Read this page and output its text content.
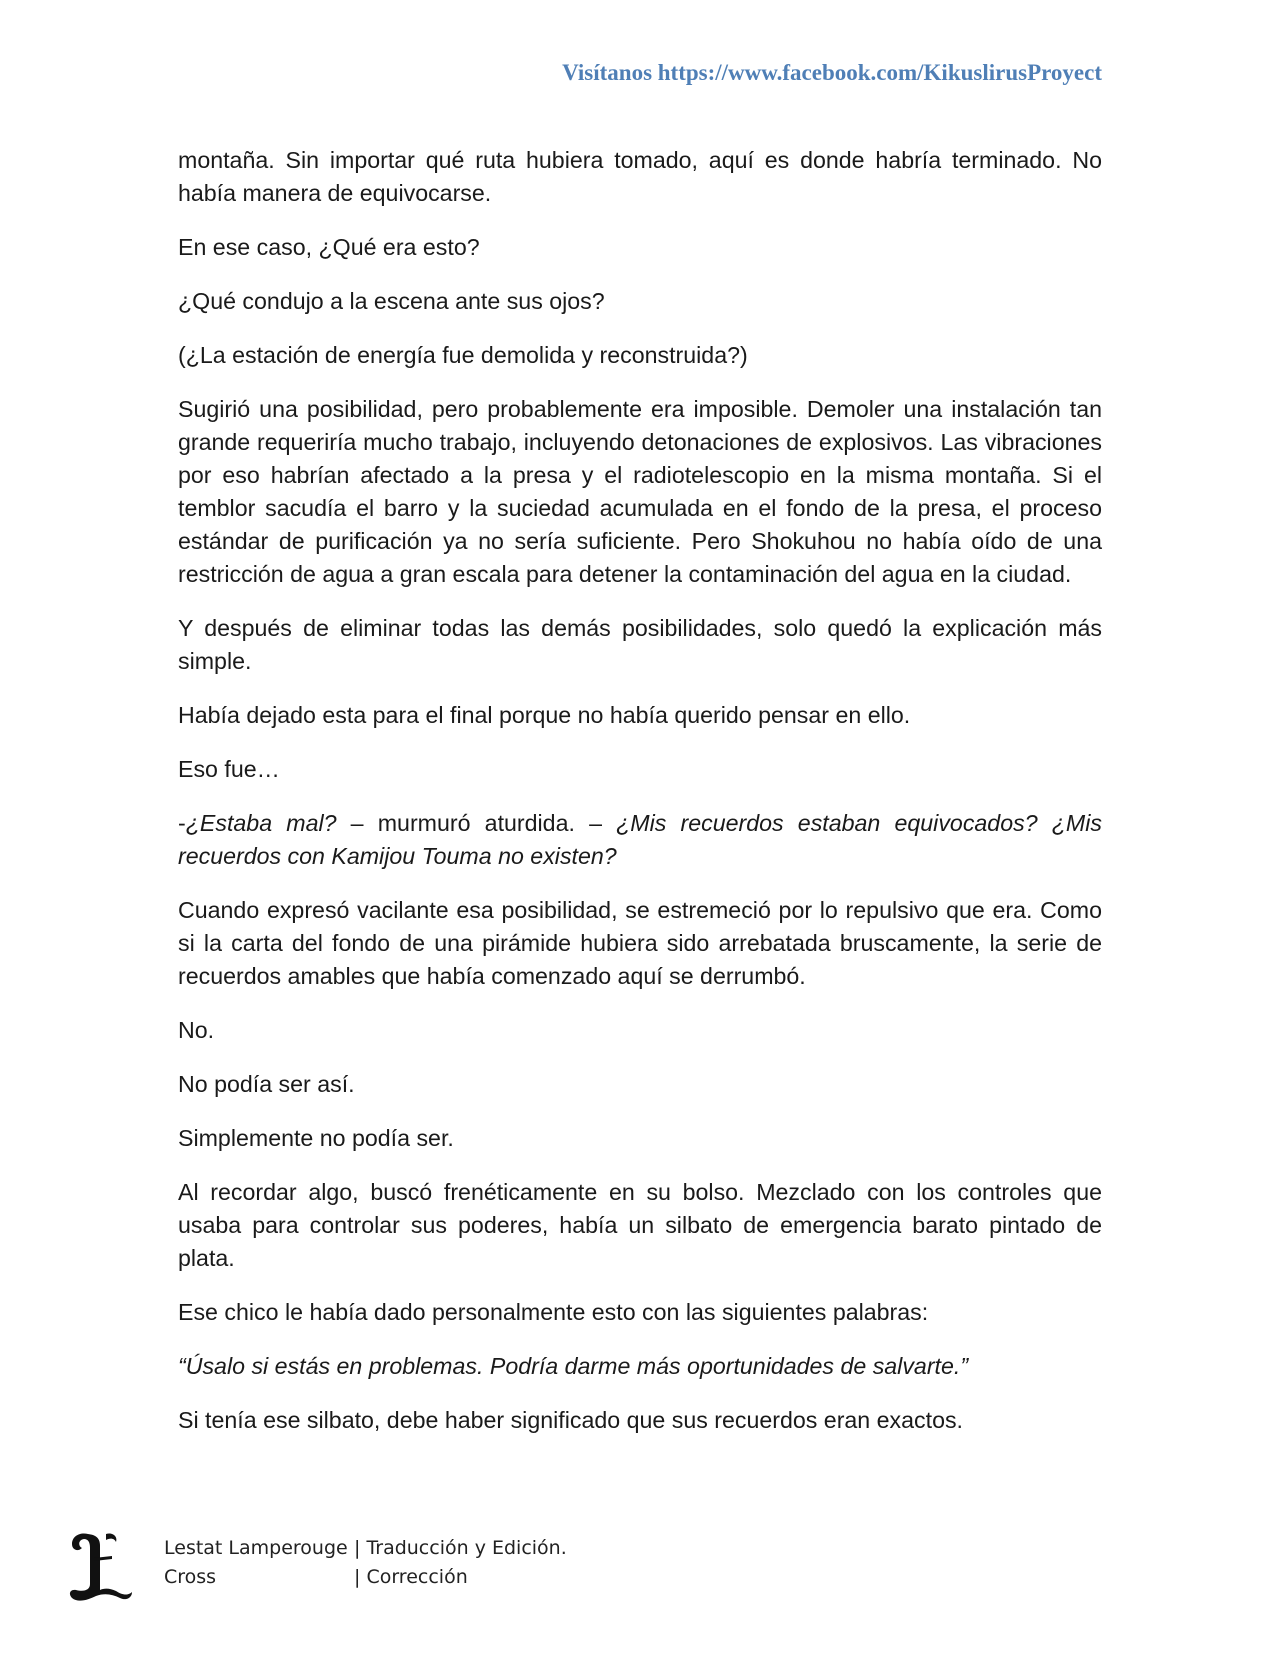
Visítanos https://www.facebook.com/KikuslirusProyect

montaña. Sin importar qué ruta hubiera tomado, aquí es donde habría terminado. No había manera de equivocarse.

En ese caso, ¿Qué era esto?

¿Qué condujo a la escena ante sus ojos?

(¿La estación de energía fue demolida y reconstruida?)

Sugirió una posibilidad, pero probablemente era imposible. Demoler una instalación tan grande requeriría mucho trabajo, incluyendo detonaciones de explosivos. Las vibraciones por eso habrían afectado a la presa y el radiotelescopio en la misma montaña. Si el temblor sacudía el barro y la suciedad acumulada en el fondo de la presa, el proceso estándar de purificación ya no sería suficiente. Pero Shokuhou no había oído de una restricción de agua a gran escala para detener la contaminación del agua en la ciudad.

Y después de eliminar todas las demás posibilidades, solo quedó la explicación más simple.

Había dejado esta para el final porque no había querido pensar en ello.

Eso fue…

-¿Estaba mal? – murmuró aturdida. – ¿Mis recuerdos estaban equivocados? ¿Mis recuerdos con Kamijou Touma no existen?

Cuando expresó vacilante esa posibilidad, se estremeció por lo repulsivo que era. Como si la carta del fondo de una pirámide hubiera sido arrebatada bruscamente, la serie de recuerdos amables que había comenzado aquí se derrumbó.

No.

No podía ser así.

Simplemente no podía ser.

Al recordar algo, buscó frenéticamente en su bolso. Mezclado con los controles que usaba para controlar sus poderes, había un silbato de emergencia barato pintado de plata.

Ese chico le había dado personalmente esto con las siguientes palabras:

“Úsalo si estás en problemas. Podría darme más oportunidades de salvarte.”

Si tenía ese silbato, debe haber significado que sus recuerdos eran exactos.

Lestat Lamperouge | Traducción y Edición.
Cross	| Corrección
